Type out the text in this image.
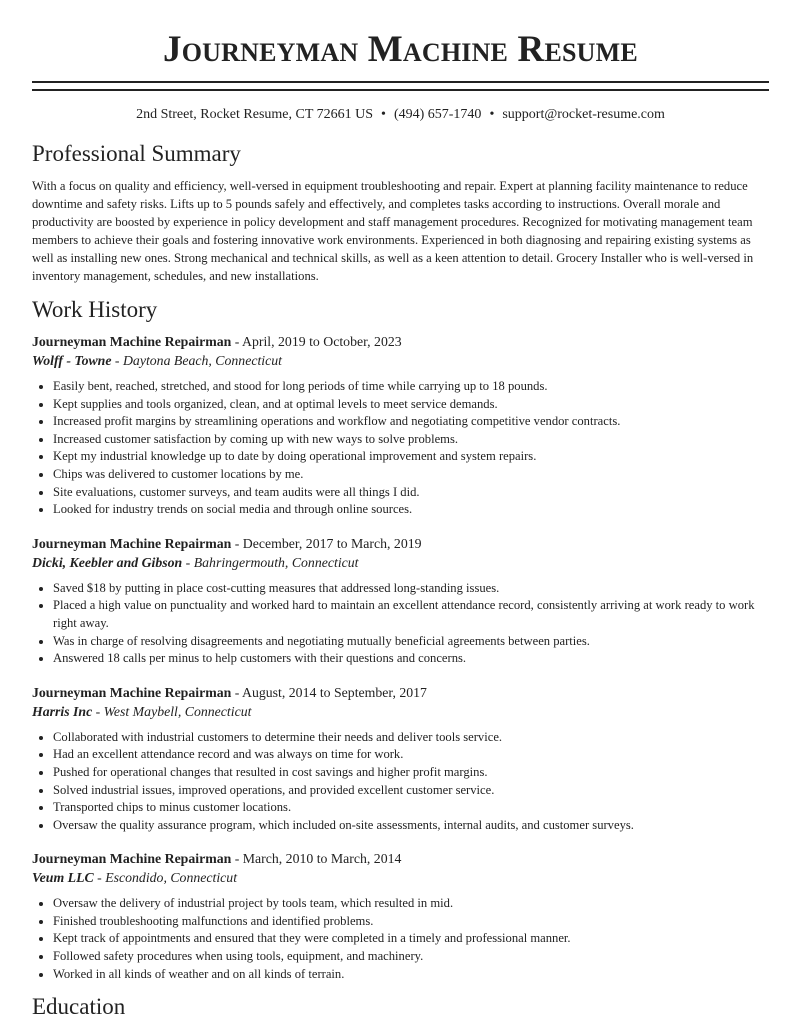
Journeyman Machine Resume
2nd Street, Rocket Resume, CT 72661 US • (494) 657-1740 • support@rocket-resume.com
Professional Summary

With a focus on quality and efficiency, well-versed in equipment troubleshooting and repair. Expert at planning facility maintenance to reduce downtime and safety risks. Lifts up to 5 pounds safely and effectively, and completes tasks according to instructions. Overall morale and productivity are boosted by experience in policy development and staff management procedures. Recognized for motivating management team members to achieve their goals and fostering innovative work environments. Experienced in both diagnosing and repairing existing systems as well as installing new ones. Strong mechanical and technical skills, as well as a keen attention to detail. Grocery Installer who is well-versed in inventory management, schedules, and new installations.

Work History
Journeyman Machine Repairman - April, 2019 to October, 2023
Wolff - Towne - Daytona Beach, Connecticut
• Easily bent, reached, stretched, and stood for long periods of time while carrying up to 18 pounds.
• Kept supplies and tools organized, clean, and at optimal levels to meet service demands.
• Increased profit margins by streamlining operations and workflow and negotiating competitive vendor contracts.
• Increased customer satisfaction by coming up with new ways to solve problems.
• Kept my industrial knowledge up to date by doing operational improvement and system repairs.
• Chips was delivered to customer locations by me.
• Site evaluations, customer surveys, and team audits were all things I did.
• Looked for industry trends on social media and through online sources.
Journeyman Machine Repairman - December, 2017 to March, 2019
Dicki, Keebler and Gibson - Bahringermouth, Connecticut
• Saved $18 by putting in place cost-cutting measures that addressed long-standing issues.
• Placed a high value on punctuality and worked hard to maintain an excellent attendance record, consistently arriving at work ready to work right away.
• Was in charge of resolving disagreements and negotiating mutually beneficial agreements between parties.
• Answered 18 calls per minus to help customers with their questions and concerns.
Journeyman Machine Repairman - August, 2014 to September, 2017
Harris Inc - West Maybell, Connecticut
• Collaborated with industrial customers to determine their needs and deliver tools service.
• Had an excellent attendance record and was always on time for work.
• Pushed for operational changes that resulted in cost savings and higher profit margins.
• Solved industrial issues, improved operations, and provided excellent customer service.
• Transported chips to minus customer locations.
• Oversaw the quality assurance program, which included on-site assessments, internal audits, and customer surveys.
Journeyman Machine Repairman - March, 2010 to March, 2014
Veum LLC - Escondido, Connecticut
• Oversaw the delivery of industrial project by tools team, which resulted in mid.
• Finished troubleshooting malfunctions and identified problems.
• Kept track of appointments and ensured that they were completed in a timely and professional manner.
• Followed safety procedures when using tools, equipment, and machinery.
• Worked in all kinds of weather and on all kinds of terrain.
Education
